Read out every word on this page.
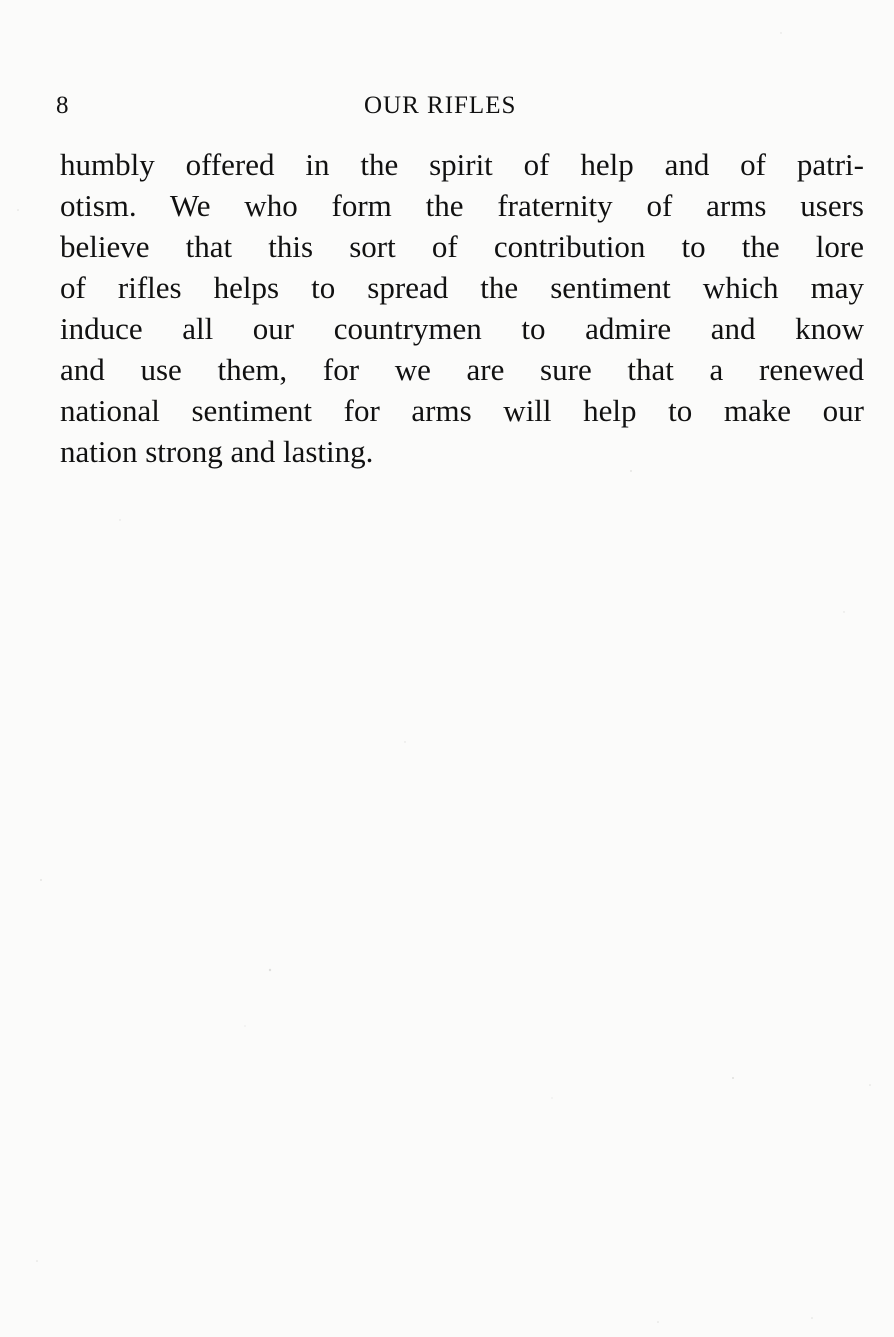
8	OUR RIFLES
humbly offered in the spirit of help and of patri-
otism. We who form the fraternity of arms users
believe that this sort of contribution to the lore
of rifles helps to spread the sentiment which may
induce all our countrymen to admire and know
and use them, for we are sure that a renewed
national sentiment for arms will help to make our
nation strong and lasting.
